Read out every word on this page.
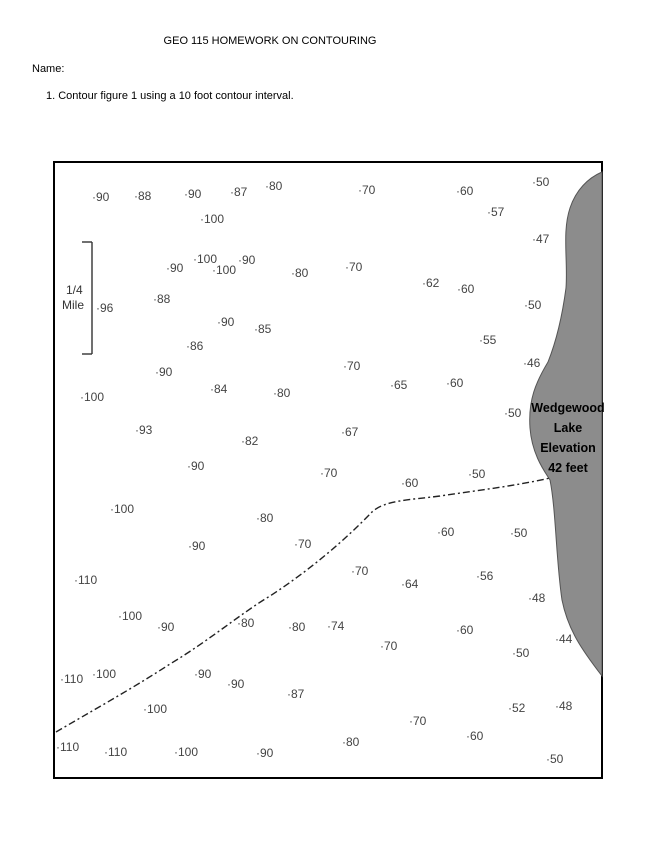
GEO 115 HOMEWORK ON CONTOURING
Name:
1. Contour figure 1 using a 10 foot contour interval.
Wedgewood
Lake
Elevation
42 feet
1/4
Mile
·90 ·88	·90 ·87 ·80	·70	·60
·50
·57
·100
·47
·100
·90
·90
·100	·80	·70
·62 ·60
·50
·96
·88
·90 ·85
·55
·86
·46
·90	·70
·65	·60
·100
·84	·80
·50
·93	·67
·82
·90	·70
·60
·50
·100
·80
·60	·50
·90	·70
·70	·56
·110	·64
·48
·100
·90	·80	·80 ·74	·60
·44
·70	·50
·110 ·100	·90
·90
·87
·100	·52 ·48
·70
·60
·110 ·110	·100	·90
·80
·50
